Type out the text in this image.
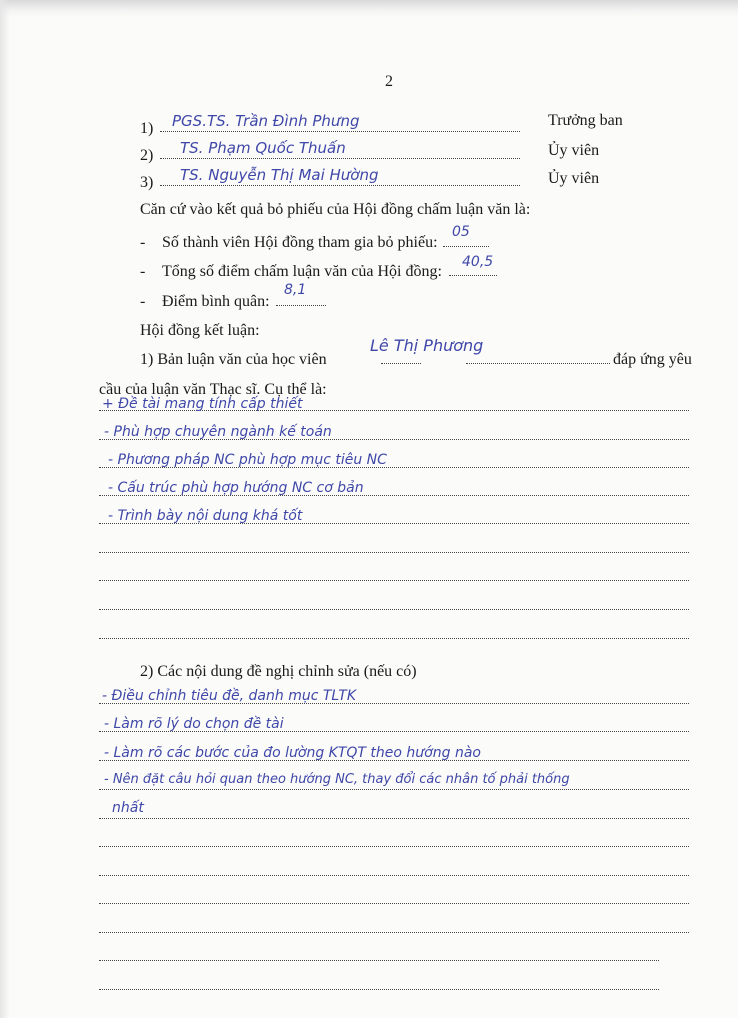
2
1) PGS.TS. Trần Đình Phưng	Trưởng ban
2) TS. Phạm Quốc Thuấn	Ủy viên
3) TS. Nguyễn Thị Mai Hường	Ủy viên
Căn cứ vào kết quả bỏ phiếu của Hội đồng chấm luận văn là:
- Số thành viên Hội đồng tham gia bỏ phiếu:
05
- Tổng số điểm chấm luận văn của Hội đồng:
40,5
- Điểm bình quân:
8,1
Hội đồng kết luận:
1) Bản luận văn của học viên
Lê Thị Phương
đáp ứng yêu
cầu của luận văn Thạc sĩ. Cụ thể là:
+ Đề tài mang tính cấp thiết
- Phù hợp chuyên ngành kế toán
- Phương pháp NC phù hợp mục tiêu NC
- Cấu trúc phù hợp hướng NC cơ bản
- Trình bày nội dung khá tốt
2) Các nội dung đề nghị chỉnh sửa (nếu có)
- Điều chỉnh tiêu đề, danh mục TLTK
- Làm rõ lý do chọn đề tài
- Làm rõ các bước của đo lường KTQT theo hướng nào
- Nên đặt câu hỏi quan theo hướng NC, thay đổi các nhân tố phải thống
nhất
